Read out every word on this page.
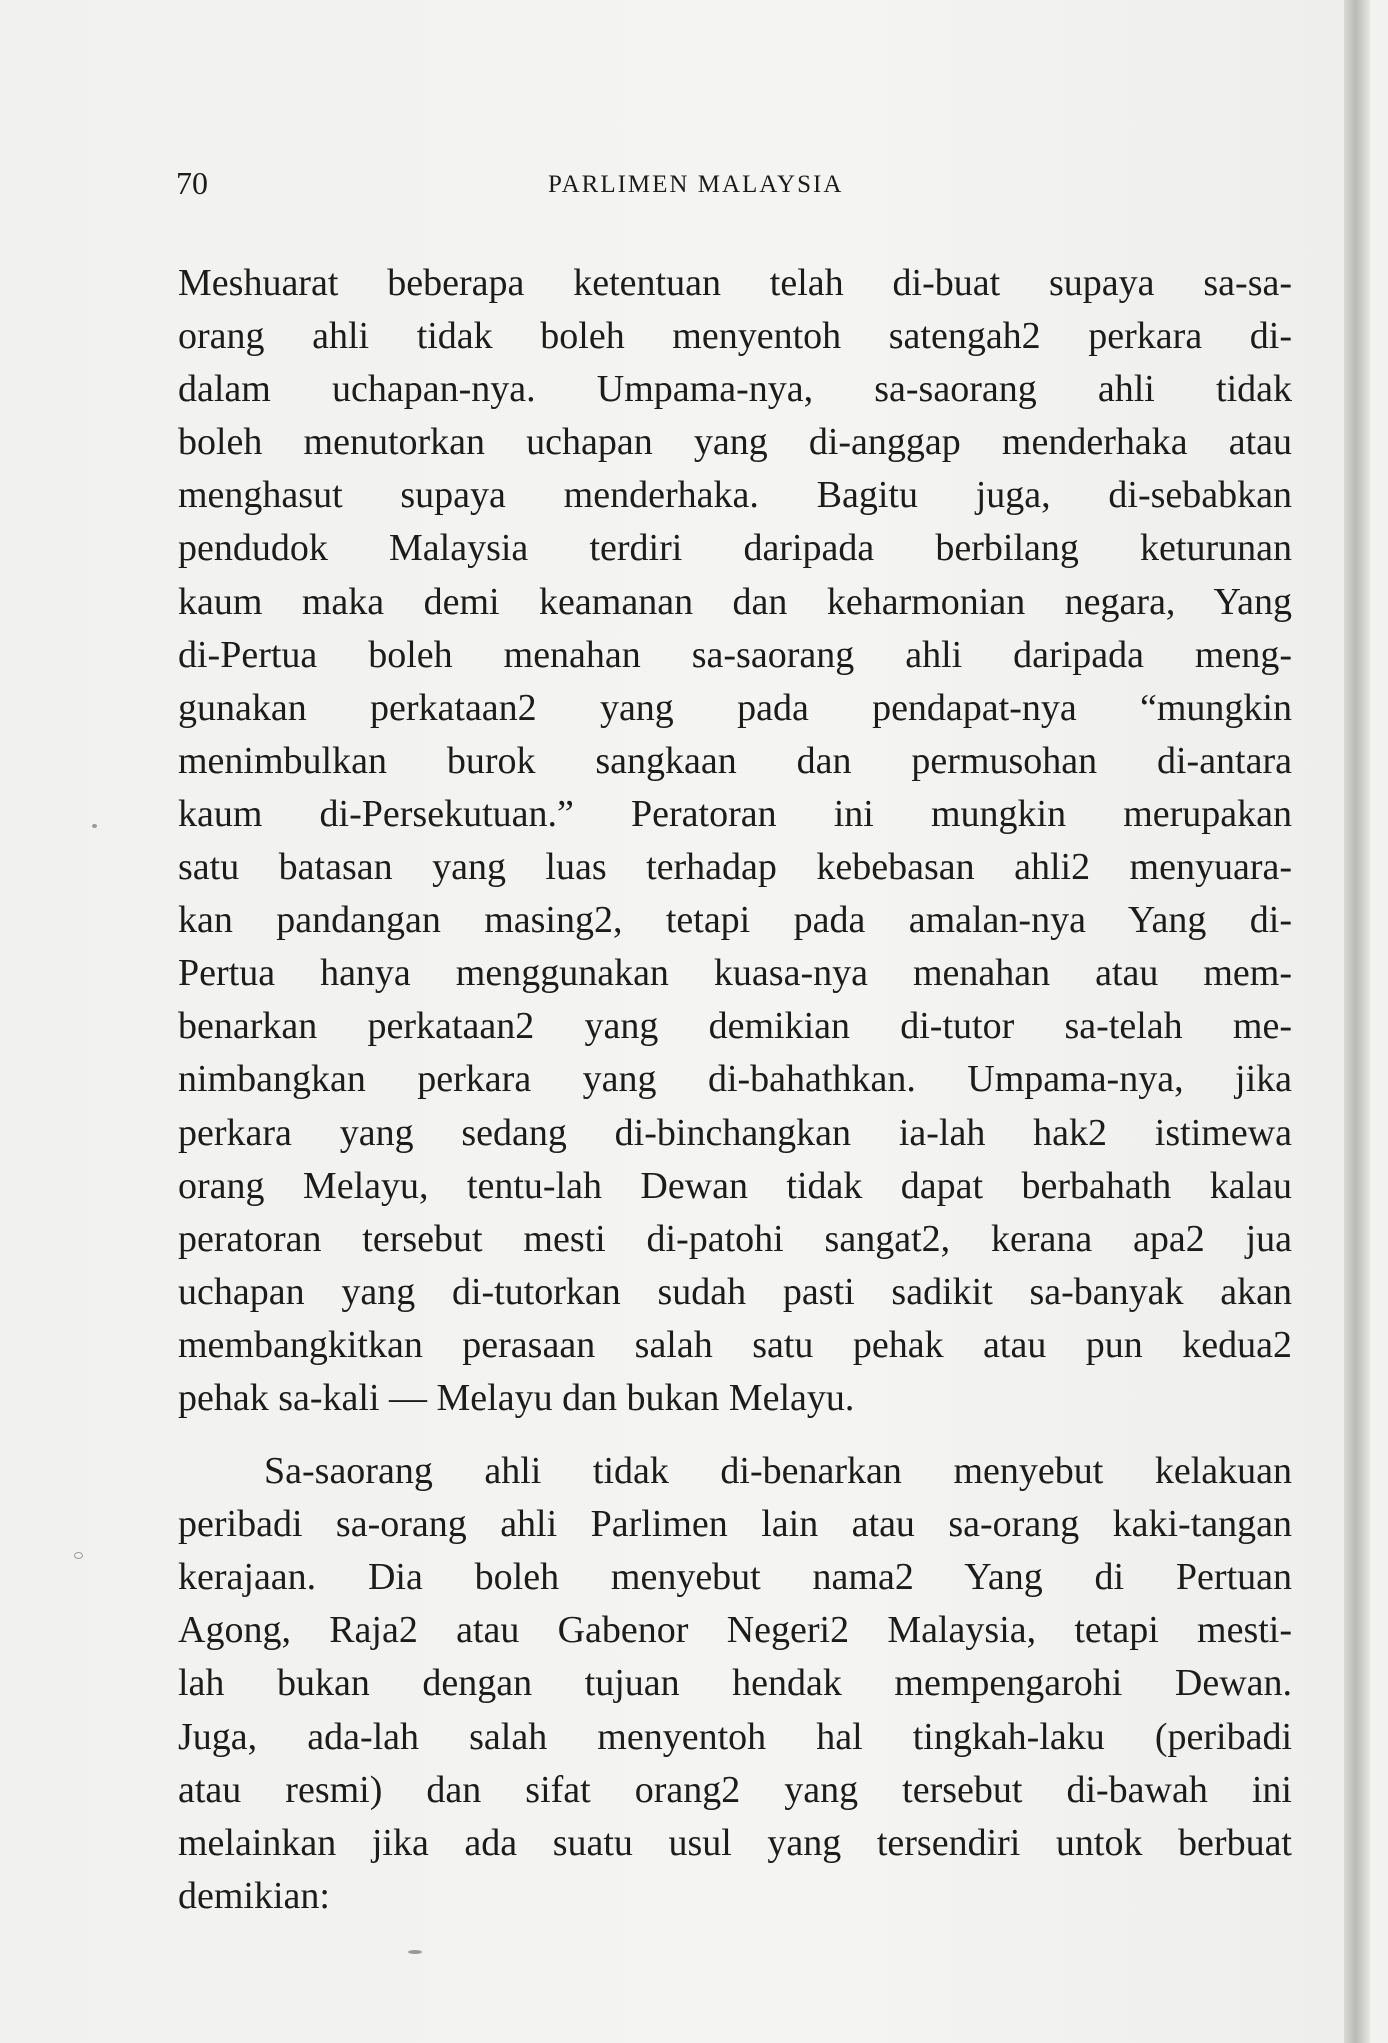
70	PARLIMEN MALAYSIA

Meshuarat beberapa ketentuan telah di-buat supaya sa-sa-
orang ahli tidak boleh menyentoh satengah2 perkara di-
dalam uchapan-nya. Umpama-nya, sa-saorang ahli tidak
boleh menutorkan uchapan yang di-anggap menderhaka atau
menghasut supaya menderhaka. Bagitu juga, di-sebabkan
pendudok Malaysia terdiri daripada berbilang keturunan
kaum maka demi keamanan dan keharmonian negara, Yang
di-Pertua boleh menahan sa-saorang ahli daripada meng-
gunakan perkataan2 yang pada pendapat-nya “mungkin
menimbulkan burok sangkaan dan permusohan di-antara
kaum di-Persekutuan.” Peratoran ini mungkin merupakan
satu batasan yang luas terhadap kebebasan ahli2 menyuara-
kan pandangan masing2, tetapi pada amalan-nya Yang di-
Pertua hanya menggunakan kuasa-nya menahan atau mem-
benarkan perkataan2 yang demikian di-tutor sa-telah me-
nimbangkan perkara yang di-bahathkan. Umpama-nya, jika
perkara yang sedang di-binchangkan ia-lah hak2 istimewa
orang Melayu, tentu-lah Dewan tidak dapat berbahath kalau
peratoran tersebut mesti di-patohi sangat2, kerana apa2 jua
uchapan yang di-tutorkan sudah pasti sadikit sa-banyak akan
membangkitkan perasaan salah satu pehak atau pun kedua2
pehak sa-kali — Melayu dan bukan Melayu.

Sa-saorang ahli tidak di-benarkan menyebut kelakuan
peribadi sa-orang ahli Parlimen lain atau sa-orang kaki-tangan
kerajaan. Dia boleh menyebut nama2 Yang di Pertuan
Agong, Raja2 atau Gabenor Negeri2 Malaysia, tetapi mesti-
lah bukan dengan tujuan hendak mempengarohi Dewan.
Juga, ada-lah salah menyentoh hal tingkah-laku (peribadi
atau resmi) dan sifat orang2 yang tersebut di-bawah ini
melainkan jika ada suatu usul yang tersendiri untok berbuat
demikian:
